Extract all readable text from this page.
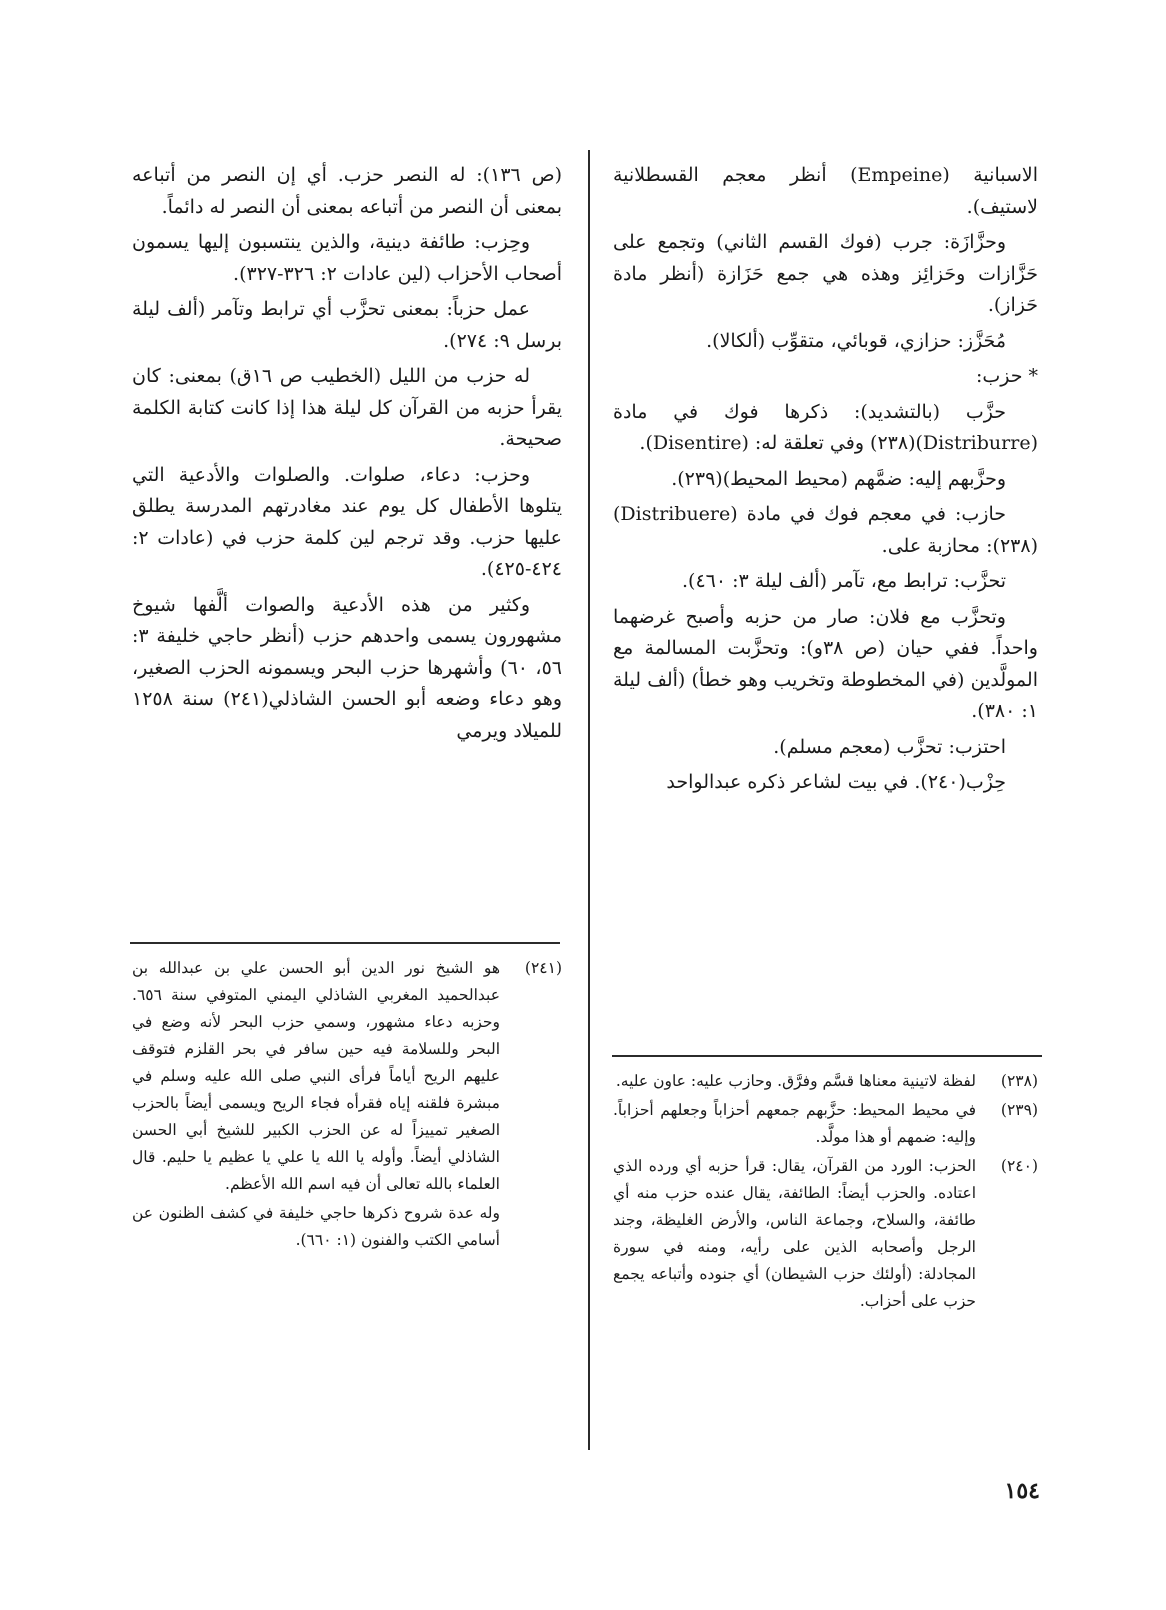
الاسبانية (Empeine) أنظر معجم القسطلانية لاستيف).

وحزَّازَة: جرب (فوك القسم الثاني) وتجمع على حَزَّازات وحَزائِز وهذه هي جمع حَزَازة (أنظر مادة حَزاز).

مُحَزَّز: حزازي، قوبائي، متقوِّب (ألكالا).

* حزب:

حزَّب (بالتشديد): ذكرها فوك في مادة (Distriburre)(٢٣٨) وفي تعلقة له: (Disentire).

وحزَّبهم إليه: ضمَّهم (محيط المحيط)(٢٣٩).

حازب: في معجم فوك في مادة (Distribuere)(٢٣٨): محازبة على.

تحزَّب: ترابط مع، تآمر (ألف ليلة ٣: ٤٦٠).

وتحزَّب مع فلان: صار من حزبه وأصبح غرضهما واحداً. ففي حيان (ص ٣٨و): وتحزَّبت المسالمة مع المولَّدين (في المخطوطة وتخريب وهو خطأ) (ألف ليلة ١: ٣٨٠).

احتزب: تحزَّب (معجم مسلم).

حِزْب(٢٤٠). في بيت لشاعر ذكره عبدالواحد

(ص ١٣٦): له النصر حزب. أي إن النصر من أتباعه بمعنى أن النصر من أتباعه بمعنى أن النصر له دائماً.

وحِزب: طائفة دينية، والذين ينتسبون إليها يسمون أصحاب الأحزاب (لين عادات ٢: ٣٢٦-٣٢٧).

عمل حزباً: بمعنى تحزَّب أي ترابط وتآمر (ألف ليلة برسل ٩: ٢٧٤).

له حزب من الليل (الخطيب ص ١٦ق) بمعنى: كان يقرأ حزبه من القرآن كل ليلة هذا إذا كانت كتابة الكلمة صحيحة.

وحزب: دعاء، صلوات. والصلوات والأدعية التي يتلوها الأطفال كل يوم عند مغادرتهم المدرسة يطلق عليها حزب. وقد ترجم لين كلمة حزب في (عادات ٢: ٤٢٤-٤٢٥).

وكثير من هذه الأدعية والصوات ألَّفها شيوخ مشهورون يسمى واحدهم حزب (أنظر حاجي خليفة ٣: ٥٦، ٦٠) وأشهرها حزب البحر ويسمونه الحزب الصغير، وهو دعاء وضعه أبو الحسن الشاذلي(٢٤١) سنة ١٢٥٨ للميلاد ويرمي

(٢٣٨)
لفظة لاتينية معناها قسَّم وفرَّق. وحازب عليه: عاون عليه.
(٢٣٩)
في محيط المحيط: حزَّبهم جمعهم أحزاباً وجعلهم أحزاباً. وإليه: ضمهم أو هذا مولَّد.
(٢٤٠)
الحزب: الورد من القرآن، يقال: قرأ حزبه أي ورده الذي اعتاده. والحزب أيضاً: الطائفة، يقال عنده حزب منه أي طائفة، والسلاح، وجماعة الناس، والأرض الغليظة، وجند الرجل وأصحابه الذين على رأيه، ومنه في سورة المجادلة: (أولئك حزب الشيطان) أي جنوده وأتباعه يجمع حزب على أحزاب.
(٢٤١)
هو الشيخ نور الدين أبو الحسن علي بن عبدالله بن عبدالحميد المغربي الشاذلي اليمني المتوفي سنة ٦٥٦. وحزبه دعاء مشهور، وسمي حزب البحر لأنه وضع في البحر وللسلامة فيه حين سافر في بحر القلزم فتوقف عليهم الريح أياماً فرأى النبي صلى الله عليه وسلم في مبشرة فلقنه إياه فقرأه فجاء الريح ويسمى أيضاً بالحزب الصغير تمييزاً له عن الحزب الكبير للشيخ أبي الحسن الشاذلي أيضاً. وأوله يا الله يا علي يا عظيم يا حليم. قال العلماء بالله تعالى أن فيه اسم الله الأعظم.
وله عدة شروح ذكرها حاجي خليفة في كشف الظنون عن أسامي الكتب والفنون (١: ٦٦٠).
١٥٤
